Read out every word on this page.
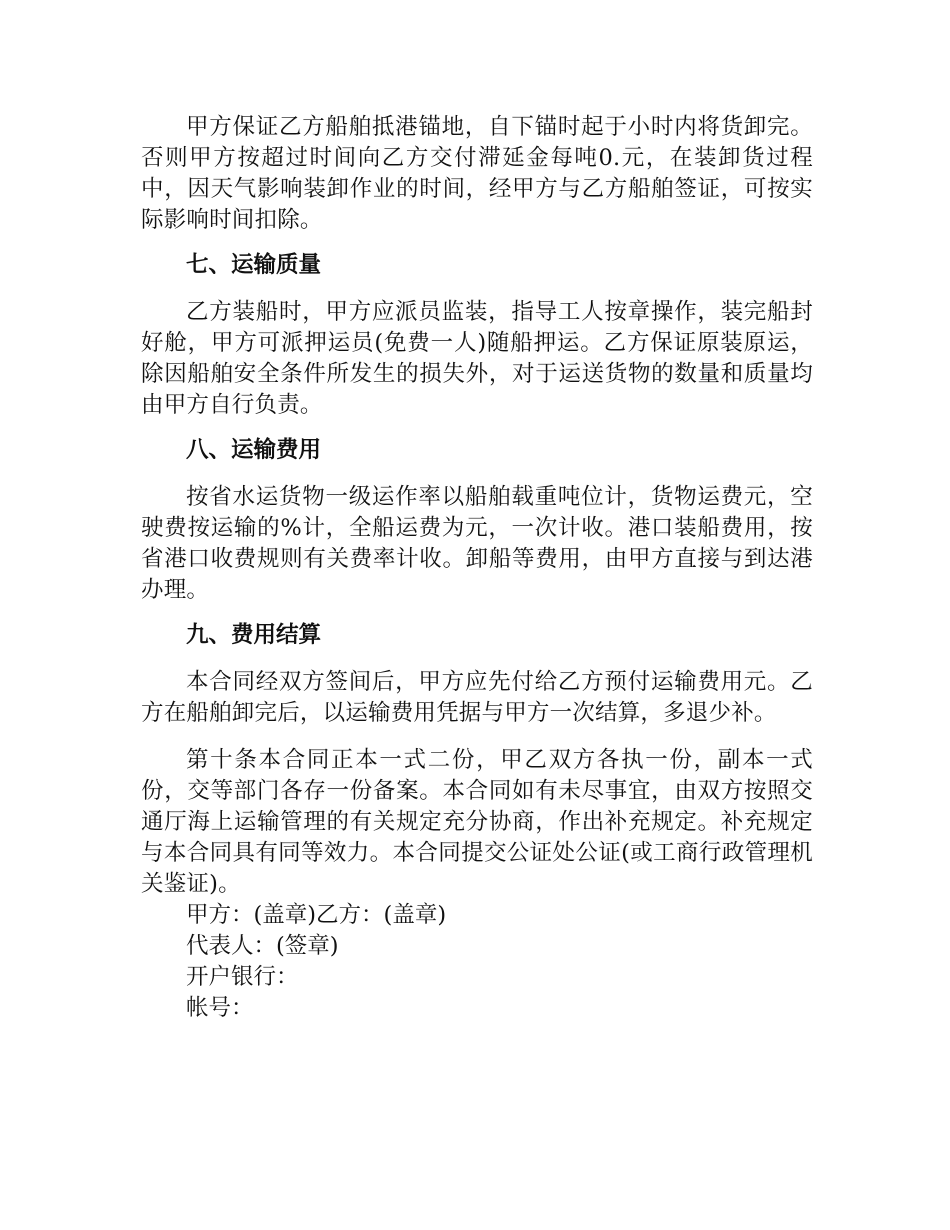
甲方保证乙方船舶抵港锚地，自下锚时起于小时内将货卸完。否则甲方按超过时间向乙方交付滞延金每吨0.元，在装卸货过程中，因天气影响装卸作业的时间，经甲方与乙方船舶签证，可按实际影响时间扣除。

七、运输质量

乙方装船时，甲方应派员监装，指导工人按章操作，装完船封好舱，甲方可派押运员(免费一人)随船押运。乙方保证原装原运，除因船舶安全条件所发生的损失外，对于运送货物的数量和质量均由甲方自行负责。

八、运输费用

按省水运货物一级运作率以船舶载重吨位计，货物运费元，空驶费按运输的%计，全船运费为元，一次计收。港口装船费用，按省港口收费规则有关费率计收。卸船等费用，由甲方直接与到达港办理。

九、费用结算

本合同经双方签间后，甲方应先付给乙方预付运输费用元。乙方在船舶卸完后，以运输费用凭据与甲方一次结算，多退少补。

第十条本合同正本一式二份，甲乙双方各执一份，副本一式份，交等部门各存一份备案。本合同如有未尽事宜，由双方按照交通厅海上运输管理的有关规定充分协商，作出补充规定。补充规定与本合同具有同等效力。本合同提交公证处公证(或工商行政管理机关鉴证)。

甲方：(盖章)乙方：(盖章)

代表人：(签章)

开户银行：

帐号：
